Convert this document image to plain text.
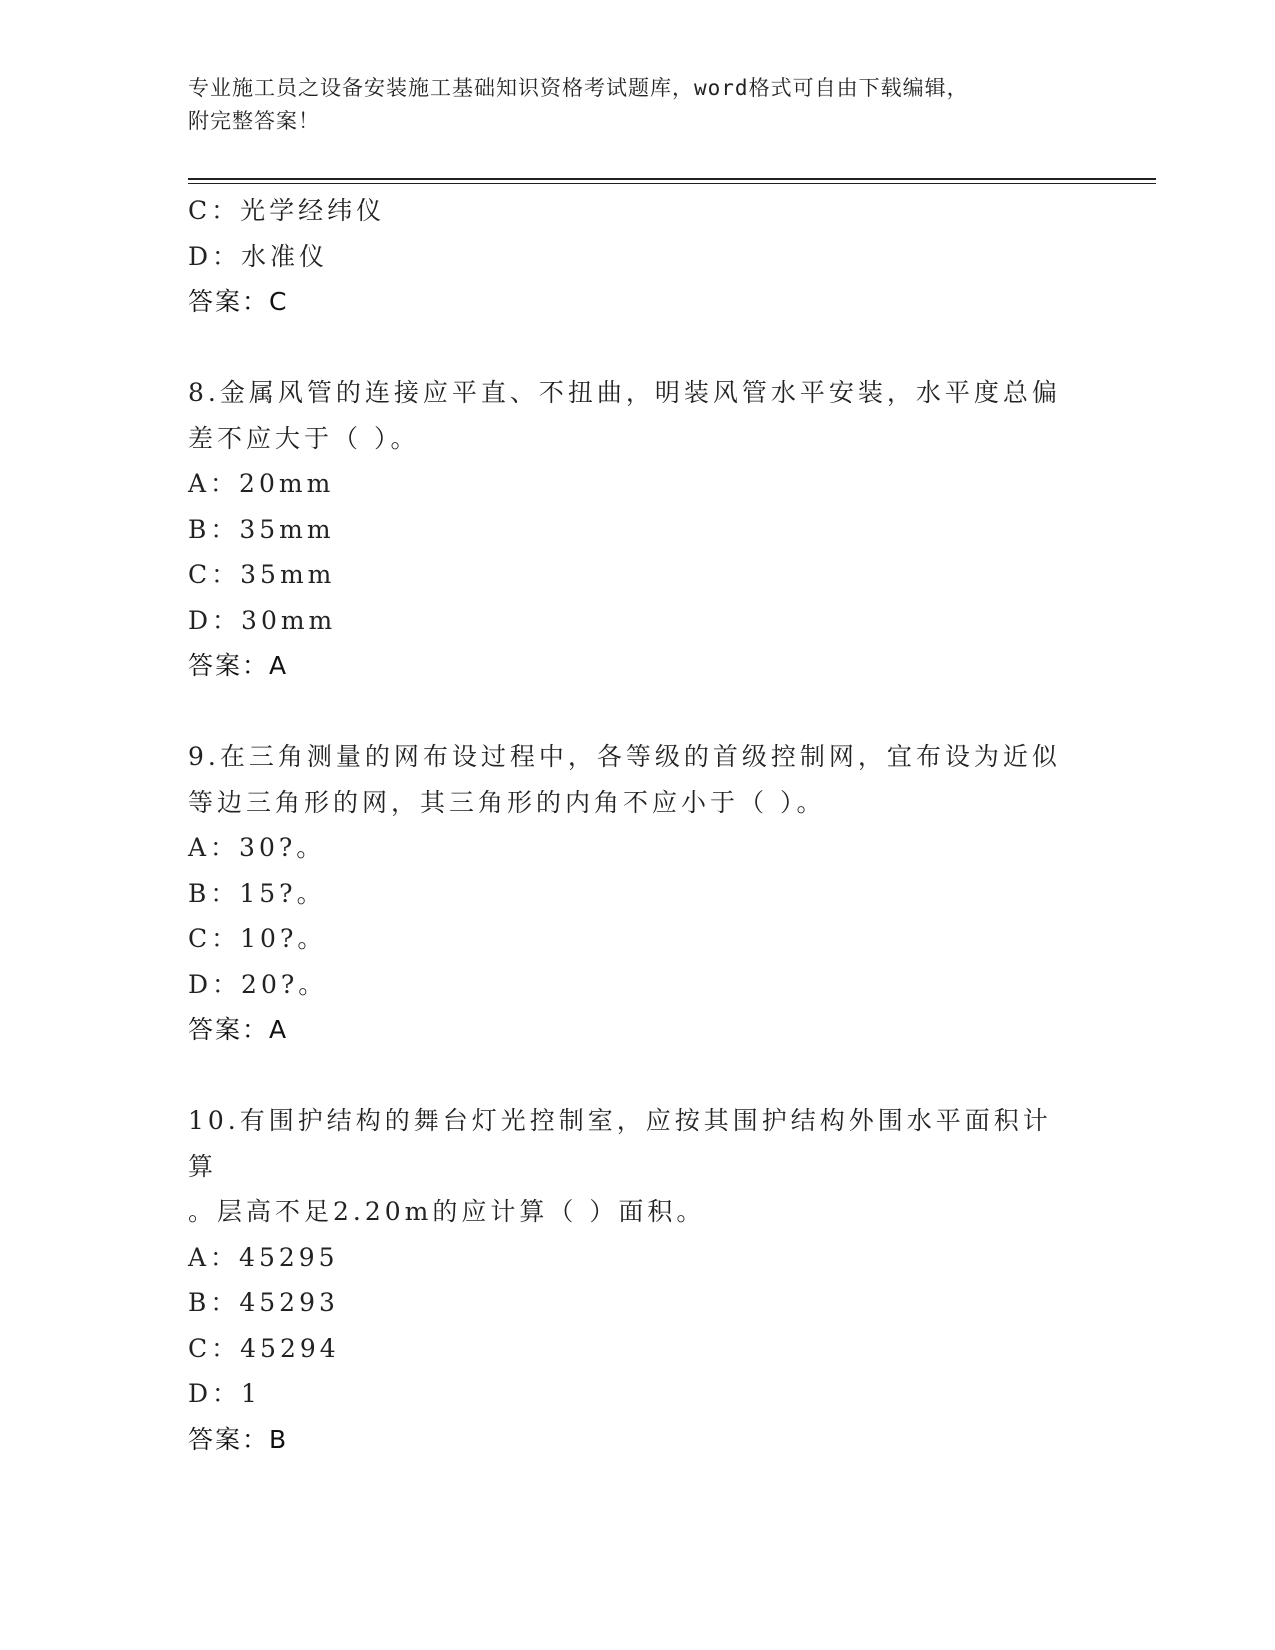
专业施工员之设备安装施工基础知识资格考试题库，word格式可自由下载编辑，
附完整答案！
C：光学经纬仪
D：水准仪
答案：C
8.金属风管的连接应平直、不扭曲，明装风管水平安装，水平度总偏
差不应大于（ ）。
A：20mm
B：35mm
C：35mm
D：30mm
答案：A
9.在三角测量的网布设过程中，各等级的首级控制网，宜布设为近似
等边三角形的网，其三角形的内角不应小于（ ）。
A：30?。
B：15?。
C：10?。
D：20?。
答案：A
10.有围护结构的舞台灯光控制室，应按其围护结构外围水平面积计算
。层高不足2.20m的应计算（ ）面积。
A：45295
B：45293
C：45294
D：1
答案：B
